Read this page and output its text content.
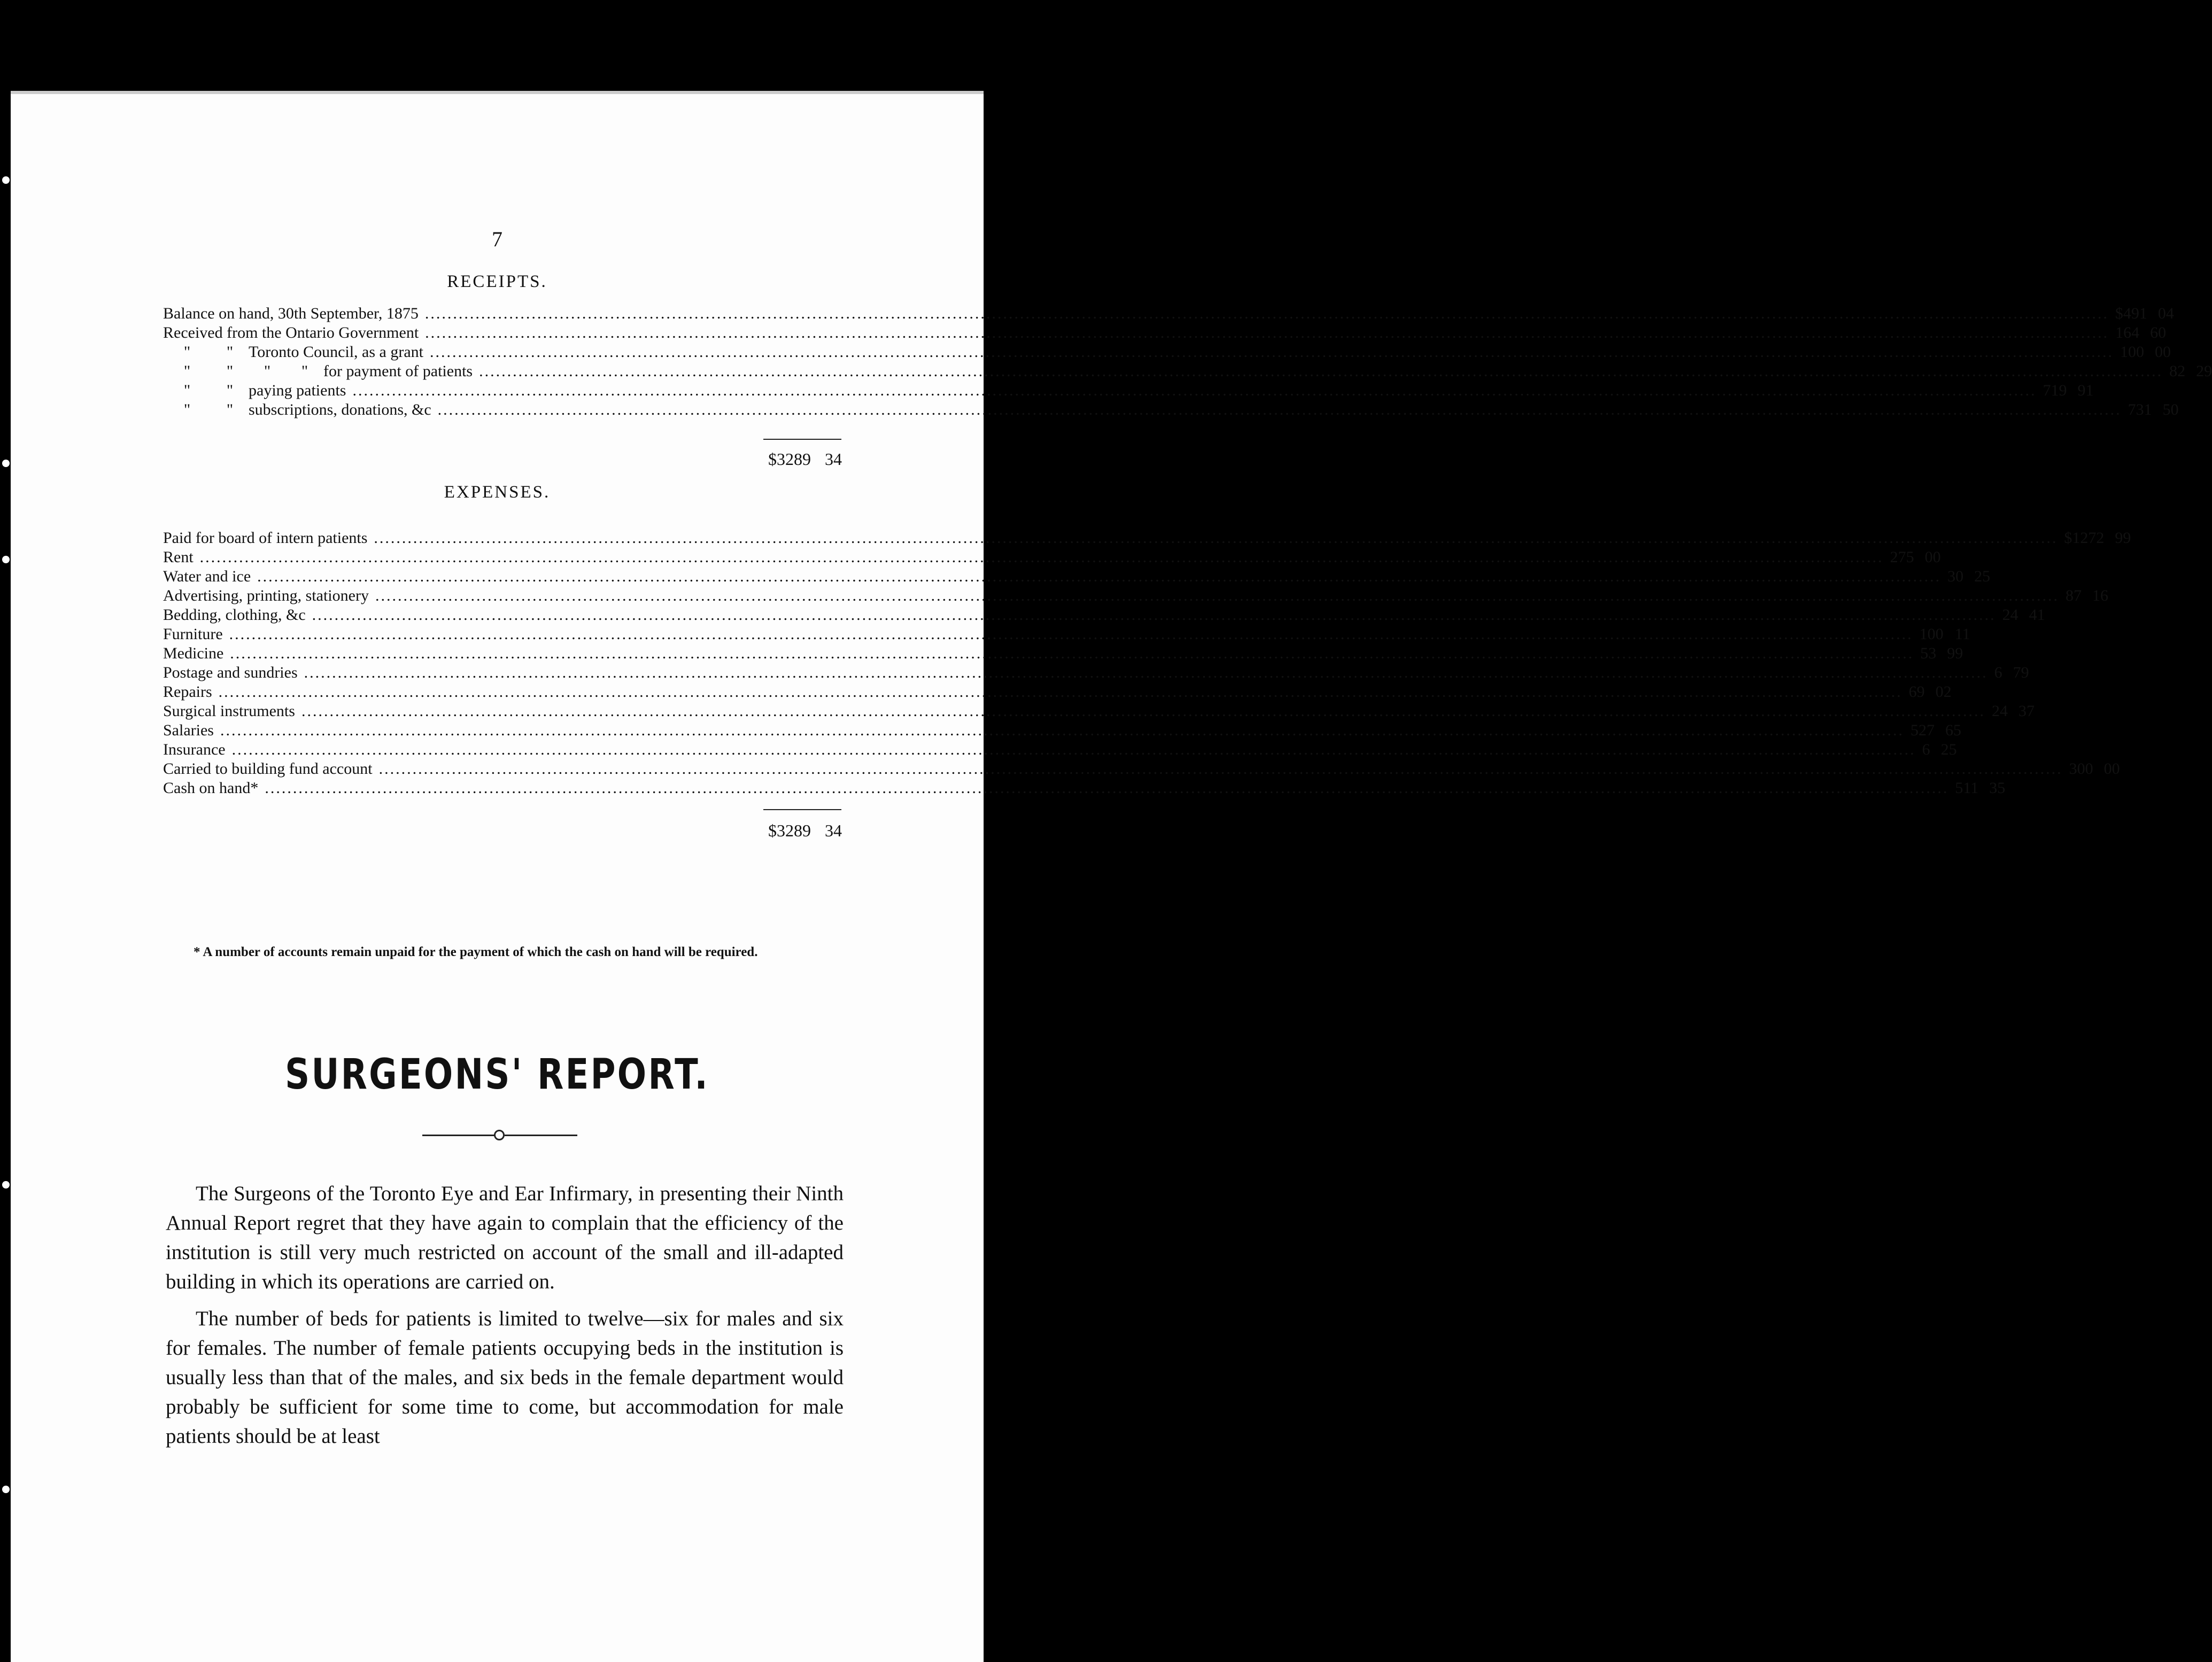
7
RECEIPTS.
Balance on hand, 30th September, 1875 ............................................................................................................................................................................................................................................................................................................ $491 04
Received from the Ontario Government ............................................................................................................................................................................................................................................................................................................ 164 60
" " Toronto Council, as a grant ............................................................................................................................................................................................................................................................................................................ 100 00
" " " " for payment of patients ............................................................................................................................................................................................................................................................................................................ 82 29
" " paying patients ............................................................................................................................................................................................................................................................................................................ 719 91
" " subscriptions, donations, &c ............................................................................................................................................................................................................................................................................................................ 731 50
$3289 34
EXPENSES.
Paid for board of intern patients ............................................................................................................................................................................................................................................................................................................ $1272 99
Rent ............................................................................................................................................................................................................................................................................................................ 275 00
Water and ice ............................................................................................................................................................................................................................................................................................................ 30 25
Advertising, printing, stationery ............................................................................................................................................................................................................................................................................................................ 87 16
Bedding, clothing, &c ............................................................................................................................................................................................................................................................................................................ 24 41
Furniture ............................................................................................................................................................................................................................................................................................................ 100 11
Medicine ............................................................................................................................................................................................................................................................................................................ 53 99
Postage and sundries ............................................................................................................................................................................................................................................................................................................ 6 79
Repairs ............................................................................................................................................................................................................................................................................................................ 69 02
Surgical instruments ............................................................................................................................................................................................................................................................................................................ 24 37
Salaries ............................................................................................................................................................................................................................................................................................................ 527 65
Insurance ............................................................................................................................................................................................................................................................................................................ 6 25
Carried to building fund account ............................................................................................................................................................................................................................................................................................................ 300 00
Cash on hand* ............................................................................................................................................................................................................................................................................................................ 511 35
$3289 34
* A number of accounts remain unpaid for the payment of which the cash on hand will be required.
SURGEONS' REPORT.

The Surgeons of the Toronto Eye and Ear Infirmary, in presenting their Ninth Annual Report regret that they have again to complain that the efficiency of the institution is still very much restricted on account of the small and ill-adapted building in which its operations are carried on.

The number of beds for patients is limited to twelve—six for males and six for females. The number of female patients occupying beds in the institution is usually less than that of the males, and six beds in the female department would probably be sufficient for some time to come, but accommodation for male patients should be at least
